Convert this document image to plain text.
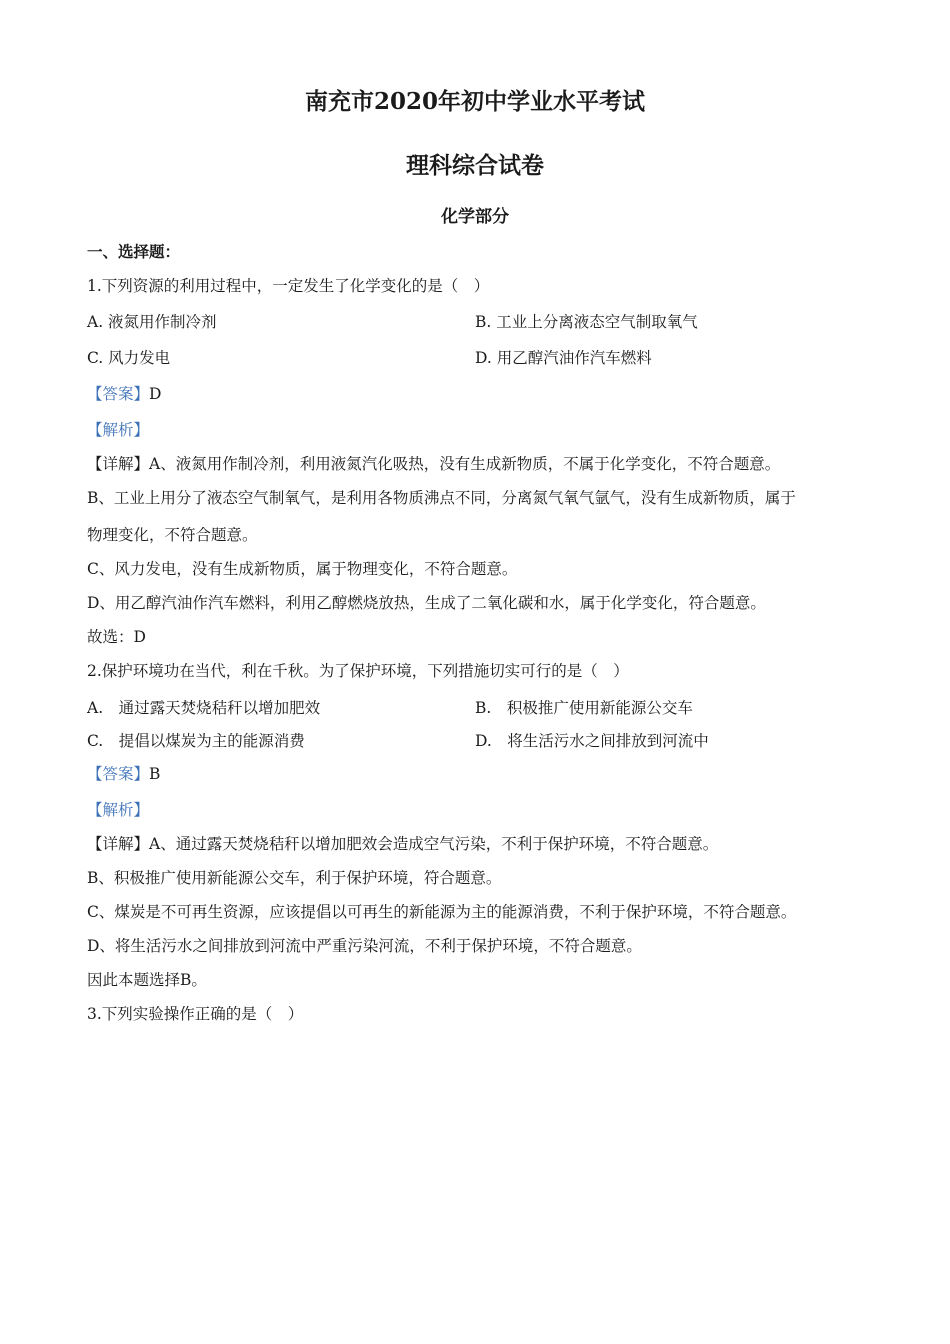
南充市2020年初中学业水平考试
理科综合试卷
化学部分
一、选择题：
1.下列资源的利用过程中，一定发生了化学变化的是（　）
A. 液氮用作制冷剂	B. 工业上分离液态空气制取氧气
C. 风力发电	D. 用乙醇汽油作汽车燃料
【答案】D
【解析】
【详解】A、液氮用作制冷剂，利用液氮汽化吸热，没有生成新物质，不属于化学变化，不符合题意。
B、工业上用分了液态空气制氧气，是利用各物质沸点不同，分离氮气氧气氩气，没有生成新物质，属于
物理变化，不符合题意。
C、风力发电，没有生成新物质，属于物理变化，不符合题意。
D、用乙醇汽油作汽车燃料，利用乙醇燃烧放热，生成了二氧化碳和水，属于化学变化，符合题意。
故选：D
2.保护环境功在当代，利在千秋。为了保护环境，下列措施切实可行的是（　）
A.　通过露天焚烧秸秆以增加肥效	B.　积极推广使用新能源公交车
C.　提倡以煤炭为主的能源消费	D.　将生活污水之间排放到河流中
【答案】B
【解析】
【详解】A、通过露天焚烧秸秆以增加肥效会造成空气污染，不利于保护环境，不符合题意。
B、积极推广使用新能源公交车，利于保护环境，符合题意。
C、煤炭是不可再生资源，应该提倡以可再生的新能源为主的能源消费，不利于保护环境，不符合题意。
D、将生活污水之间排放到河流中严重污染河流，不利于保护环境，不符合题意。
因此本题选择B。
3.下列实验操作正确的是（　）
